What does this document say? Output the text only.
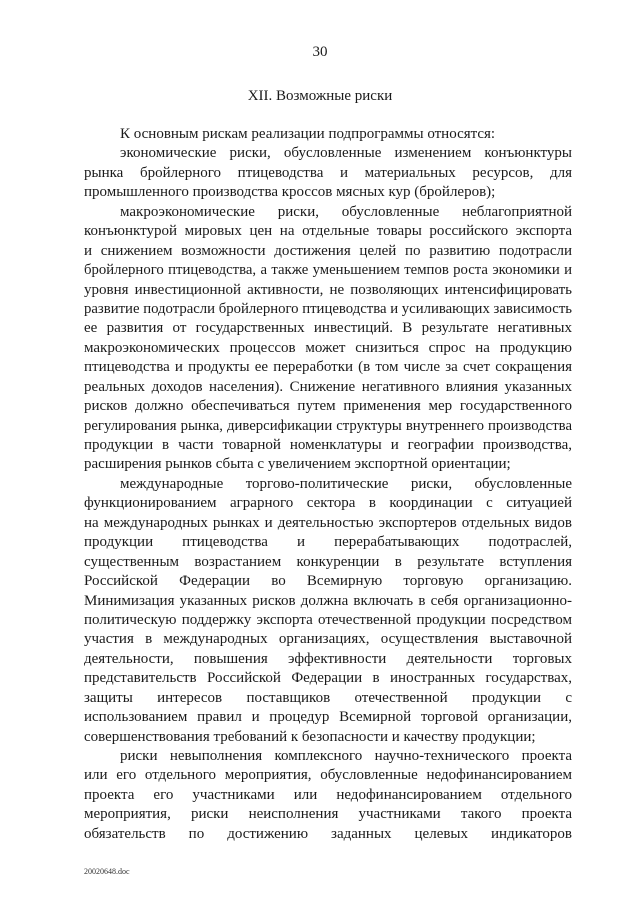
30
XII. Возможные риски
К основным рискам реализации подпрограммы относятся:
экономические риски, обусловленные изменением конъюнктуры
рынка бройлерного птицеводства и материальных ресурсов, для
промышленного производства кроссов мясных кур (бройлеров);
макроэкономические риски, обусловленные неблагоприятной
конъюнктурой мировых цен на отдельные товары российского экспорта
и снижением возможности достижения целей по развитию подотрасли
бройлерного птицеводства, а также уменьшением темпов роста экономики и
уровня инвестиционной активности, не позволяющих интенсифицировать
развитие подотрасли бройлерного птицеводства и усиливающих зависимость
ее развития от государственных инвестиций. В результате негативных
макроэкономических процессов может снизиться спрос на продукцию
птицеводства и продукты ее переработки (в том числе за счет сокращения
реальных доходов населения). Снижение негативного влияния указанных
рисков должно обеспечиваться путем применения мер государственного
регулирования рынка, диверсификации структуры внутреннего производства
продукции в части товарной номенклатуры и географии производства,
расширения рынков сбыта с увеличением экспортной ориентации;
международные торгово-политические риски, обусловленные
функционированием аграрного сектора в координации с ситуацией
на международных рынках и деятельностью экспортеров отдельных видов
продукции птицеводства и перерабатывающих подотраслей,
существенным возрастанием конкуренции в результате вступления
Российской Федерации во Всемирную торговую организацию.
Минимизация указанных рисков должна включать в себя организационно-
политическую поддержку экспорта отечественной продукции посредством
участия в международных организациях, осуществления выставочной
деятельности, повышения эффективности деятельности торговых
представительств Российской Федерации в иностранных государствах,
защиты интересов поставщиков отечественной продукции с
использованием правил и процедур Всемирной торговой организации,
совершенствования требований к безопасности и качеству продукции;
риски невыполнения комплексного научно-технического проекта
или его отдельного мероприятия, обусловленные недофинансированием
проекта его участниками или недофинансированием отдельного
мероприятия, риски неисполнения участниками такого проекта
обязательств по достижению заданных целевых индикаторов
20020648.doc
